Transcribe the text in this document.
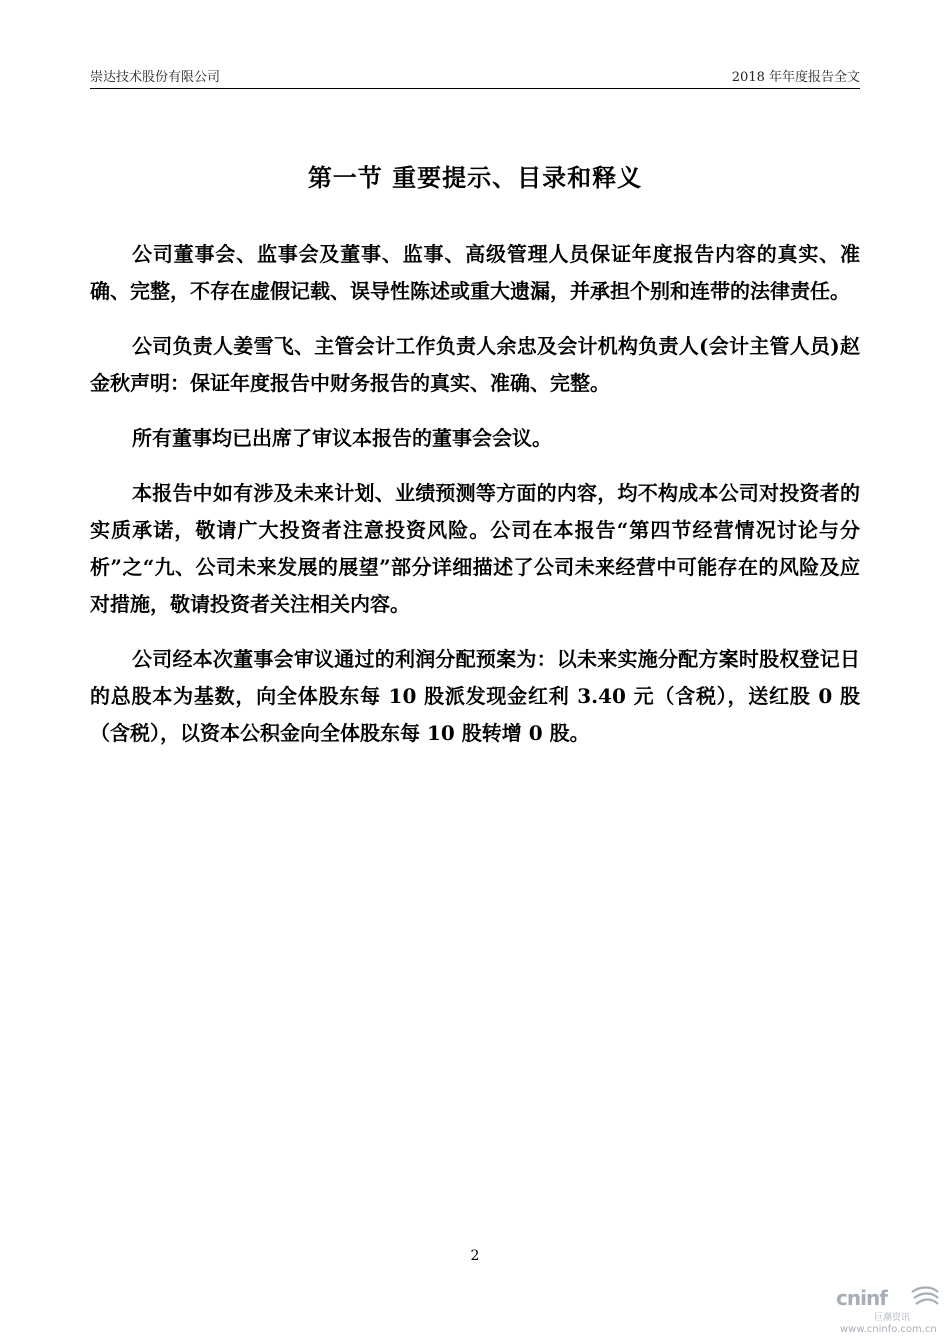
崇达技术股份有限公司	2018 年年度报告全文
第一节 重要提示、目录和释义

公司董事会、监事会及董事、监事、高级管理人员保证年度报告内容的真实、准确、完整，不存在虚假记载、误导性陈述或重大遗漏，并承担个别和连带的法律责任。

公司负责人姜雪飞、主管会计工作负责人余忠及会计机构负责人(会计主管人员)赵金秋声明：保证年度报告中财务报告的真实、准确、完整。

所有董事均已出席了审议本报告的董事会会议。

本报告中如有涉及未来计划、业绩预测等方面的内容，均不构成本公司对投资者的实质承诺，敬请广大投资者注意投资风险。公司在本报告“第四节经营情况讨论与分析”之“九、公司未来发展的展望”部分详细描述了公司未来经营中可能存在的风险及应对措施，敬请投资者关注相关内容。

公司经本次董事会审议通过的利润分配预案为：以未来实施分配方案时股权登记日的总股本为基数，向全体股东每 10 股派发现金红利 3.40 元（含税），送红股 0 股（含税），以资本公积金向全体股东每 10 股转增 0 股。

2
cninf
巨潮资讯
www.cninfo.com.cn
